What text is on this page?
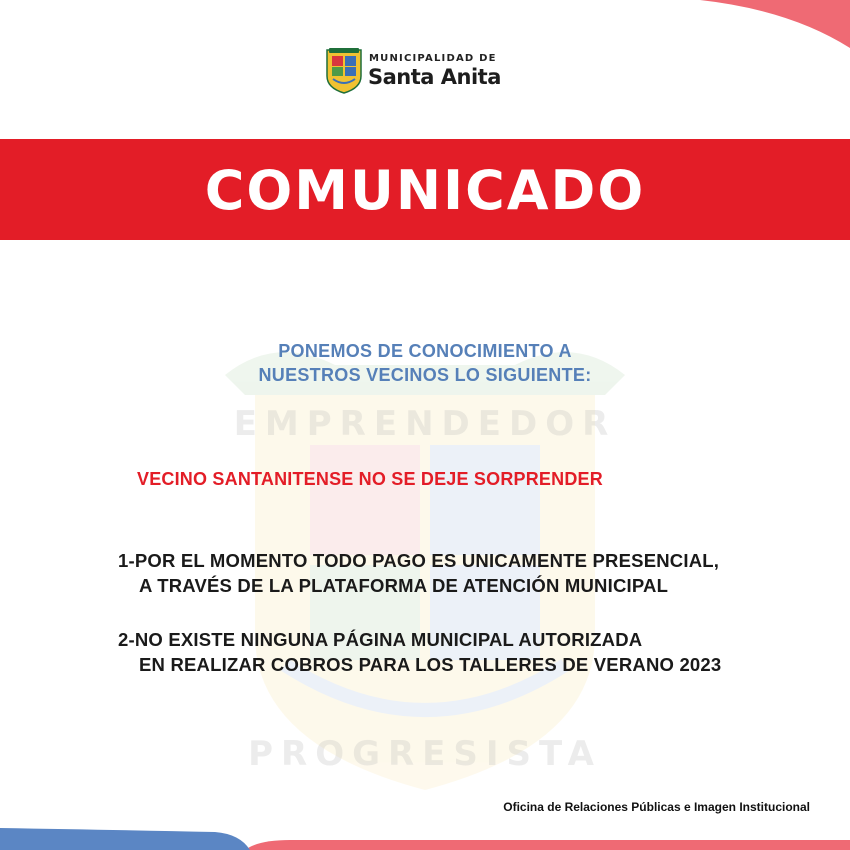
MUNICIPALIDAD DE
Santa Anita
COMUNICADO
EMPRENDEDOR
PROGRESISTA
PONEMOS DE CONOCIMIENTO A
NUESTROS VECINOS LO SIGUIENTE:
VECINO SANTANITENSE NO SE DEJE SORPRENDER
1-POR EL MOMENTO TODO PAGO ES UNICAMENTE PRESENCIAL,
A TRAVÉS DE LA PLATAFORMA DE ATENCIÓN MUNICIPAL
2-NO EXISTE NINGUNA PÁGINA MUNICIPAL AUTORIZADA
EN REALIZAR COBROS PARA LOS TALLERES DE VERANO 2023
Oficina de Relaciones Públicas e Imagen Institucional
